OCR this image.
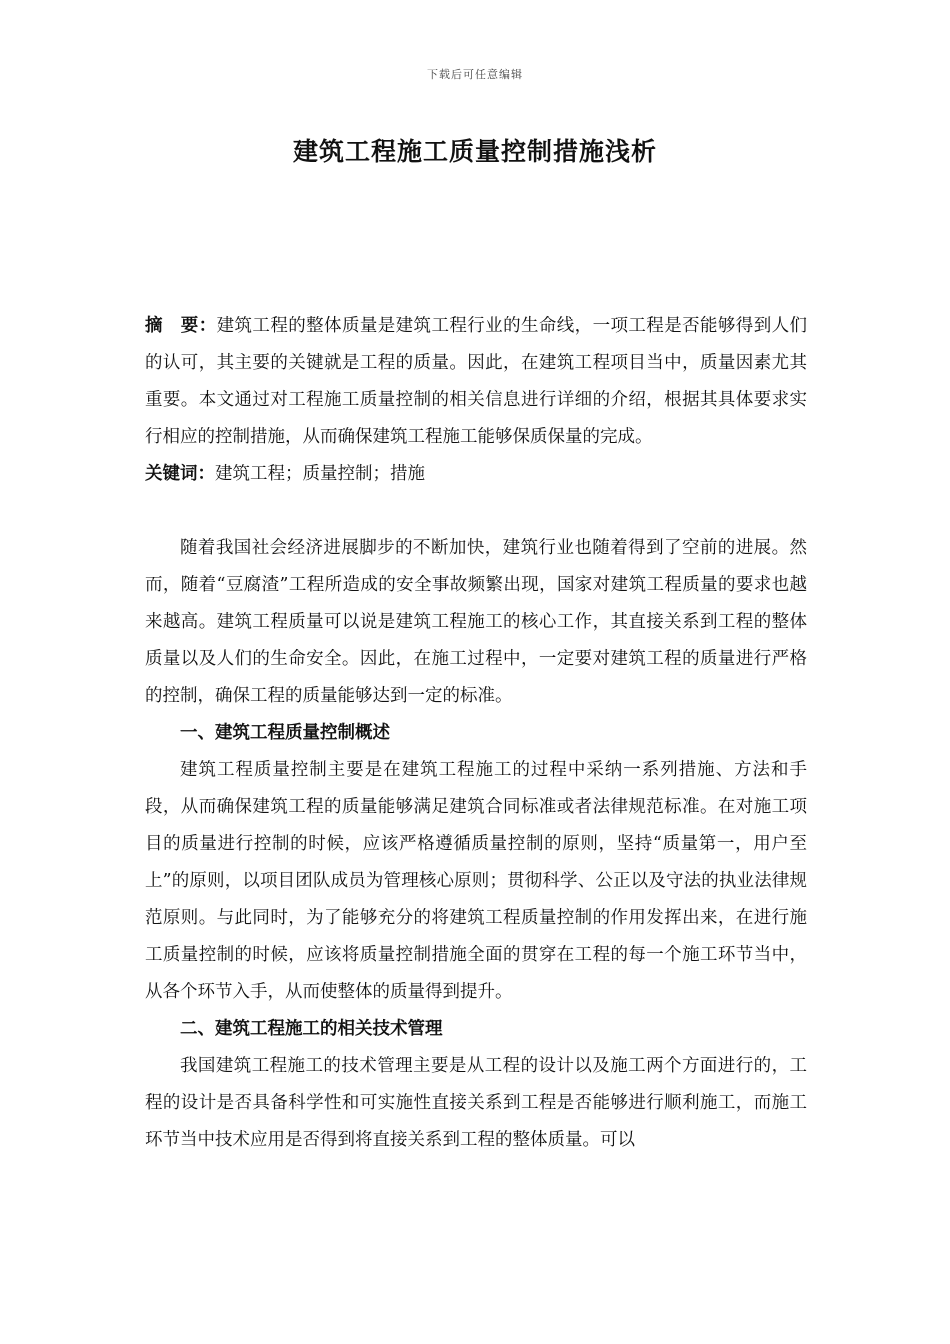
下载后可任意编辑
建筑工程施工质量控制措施浅析

摘　要：建筑工程的整体质量是建筑工程行业的生命线，一项工程是否能够得到人们的认可，其主要的关键就是工程的质量。因此，在建筑工程项目当中，质量因素尤其重要。本文通过对工程施工质量控制的相关信息进行详细的介绍，根据其具体要求实行相应的控制措施，从而确保建筑工程施工能够保质保量的完成。

关键词：建筑工程；质量控制；措施

随着我国社会经济进展脚步的不断加快，建筑行业也随着得到了空前的进展。然而，随着“豆腐渣”工程所造成的安全事故频繁出现，国家对建筑工程质量的要求也越来越高。建筑工程质量可以说是建筑工程施工的核心工作，其直接关系到工程的整体质量以及人们的生命安全。因此，在施工过程中，一定要对建筑工程的质量进行严格的控制，确保工程的质量能够达到一定的标准。

一、建筑工程质量控制概述

建筑工程质量控制主要是在建筑工程施工的过程中采纳一系列措施、方法和手段，从而确保建筑工程的质量能够满足建筑合同标准或者法律规范标准。在对施工项目的质量进行控制的时候，应该严格遵循质量控制的原则，坚持“质量第一，用户至上”的原则，以项目团队成员为管理核心原则；贯彻科学、公正以及守法的执业法律规范原则。与此同时，为了能够充分的将建筑工程质量控制的作用发挥出来，在进行施工质量控制的时候，应该将质量控制措施全面的贯穿在工程的每一个施工环节当中，从各个环节入手，从而使整体的质量得到提升。

二、建筑工程施工的相关技术管理

我国建筑工程施工的技术管理主要是从工程的设计以及施工两个方面进行的，工程的设计是否具备科学性和可实施性直接关系到工程是否能够进行顺利施工，而施工环节当中技术应用是否得到将直接关系到工程的整体质量。可以
